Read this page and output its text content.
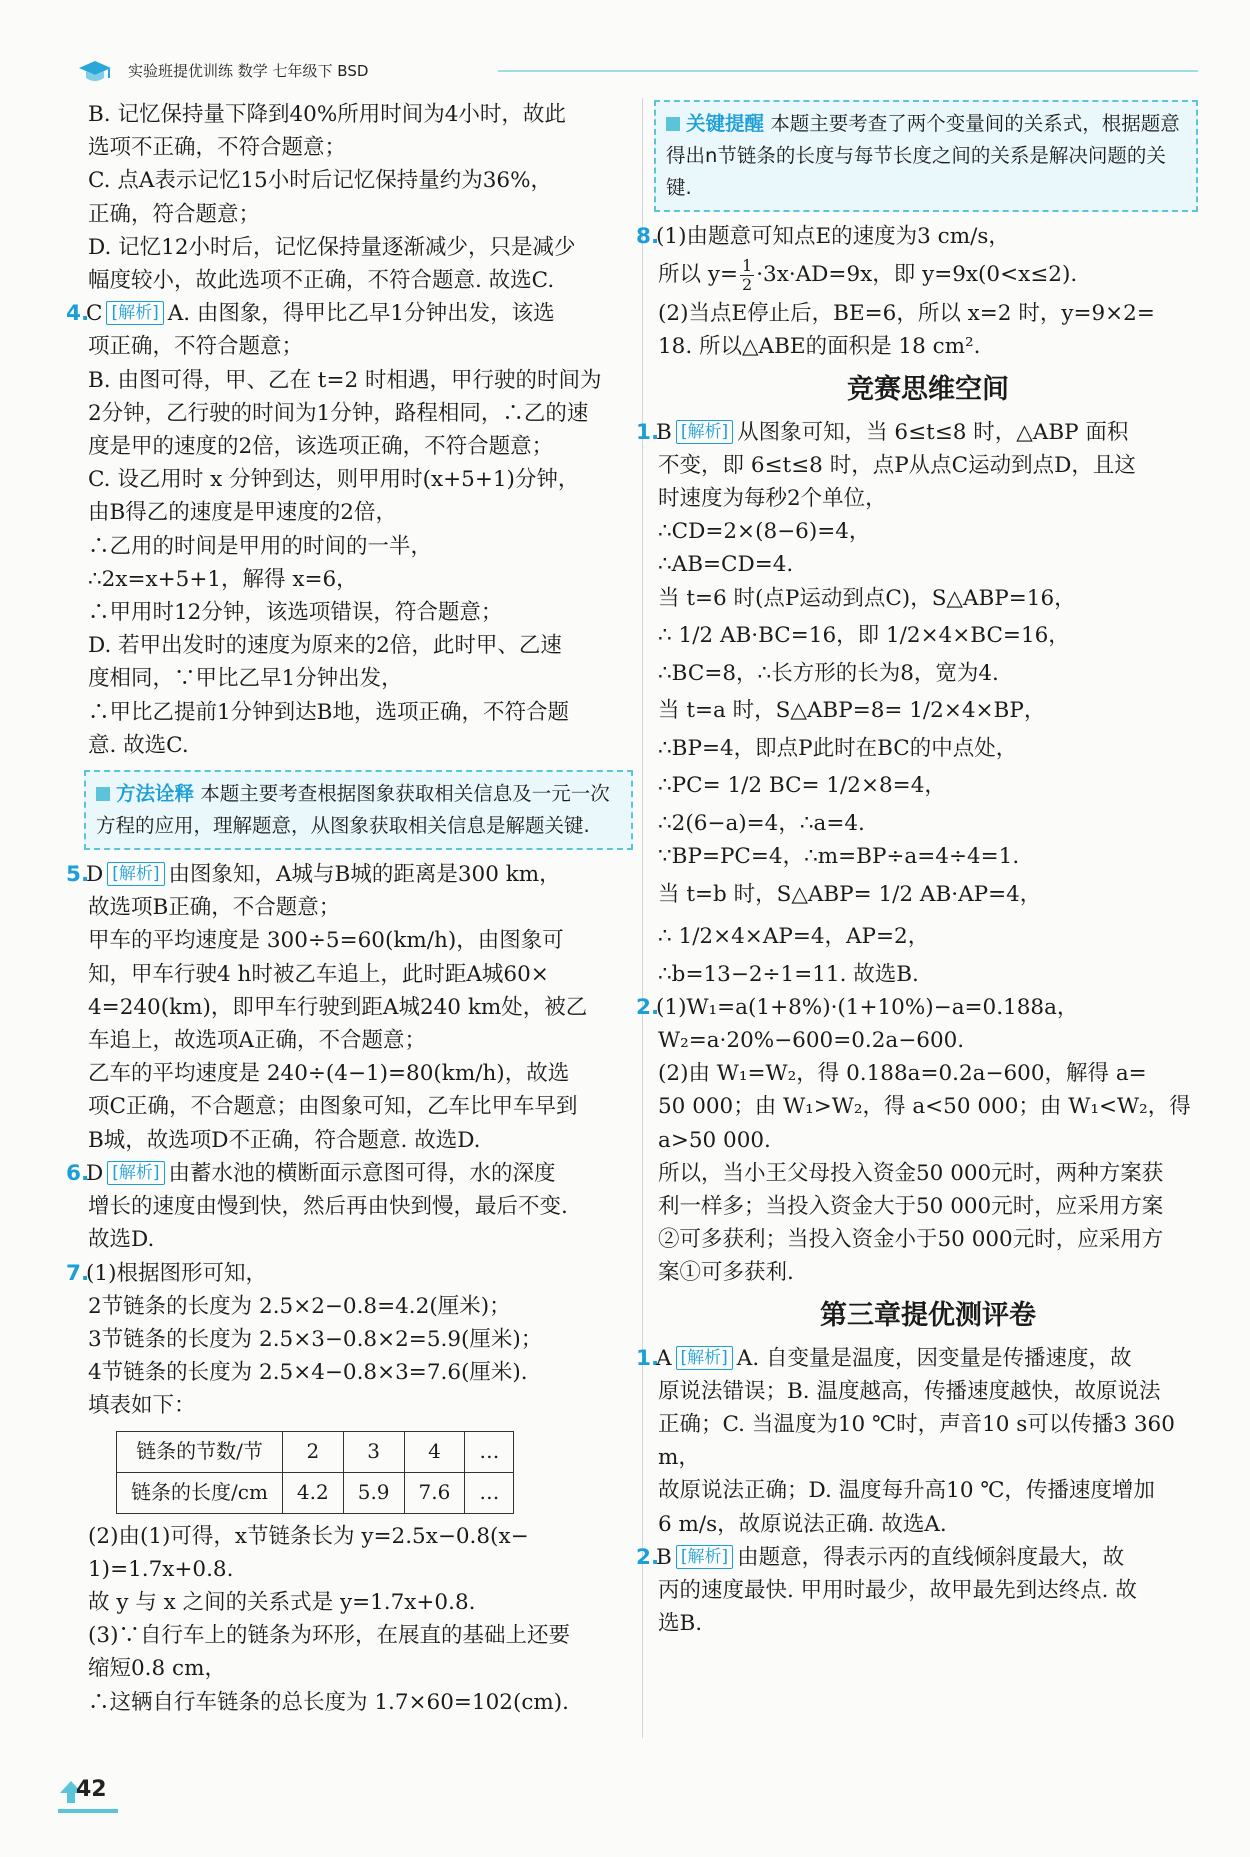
实验班提优训练 数学 七年级下 BSD

B. 记忆保持量下降到40%所用时间为4小时，故此

选项不正确，不符合题意；

C. 点A表示记忆15小时后记忆保持量约为36%，

正确，符合题意；

D. 记忆12小时后，记忆保持量逐渐减少，只是减少

幅度较小，故此选项不正确，不符合题意. 故选C.

4.C [解析] A. 由图象，得甲比乙早1分钟出发，该选

项正确，不符合题意；

B. 由图可得，甲、乙在 t=2 时相遇，甲行驶的时间为

2分钟，乙行驶的时间为1分钟，路程相同，∴乙的速

度是甲的速度的2倍，该选项正确，不符合题意；

C. 设乙用时 x 分钟到达，则甲用时(x+5+1)分钟，

由B得乙的速度是甲速度的2倍，

∴乙用的时间是甲用的时间的一半，

∴2x=x+5+1，解得 x=6，

∴甲用时12分钟，该选项错误，符合题意；

D. 若甲出发时的速度为原来的2倍，此时甲、乙速

度相同，∵甲比乙早1分钟出发，

∴甲比乙提前1分钟到达B地，选项正确，不符合题

意. 故选C.

方法诠释 本题主要考查根据图象获取相关信息及一元一次方程的应用，理解题意，从图象获取相关信息是解题关键.

5.D [解析] 由图象知，A城与B城的距离是300 km，

故选项B正确，不合题意；

甲车的平均速度是 300÷5=60(km/h)，由图象可

知，甲车行驶4 h时被乙车追上，此时距A城60×

4=240(km)，即甲车行驶到距A城240 km处，被乙

车追上，故选项A正确，不合题意；

乙车的平均速度是 240÷(4−1)=80(km/h)，故选

项C正确，不合题意；由图象可知，乙车比甲车早到

B城，故选项D不正确，符合题意. 故选D.

6.D [解析] 由蓄水池的横断面示意图可得，水的深度

增长的速度由慢到快，然后再由快到慢，最后不变.

故选D.

7.(1)根据图形可知，

2节链条的长度为 2.5×2−0.8=4.2(厘米)；

3节链条的长度为 2.5×3−0.8×2=5.9(厘米)；

4节链条的长度为 2.5×4−0.8×3=7.6(厘米).

填表如下：

链条的节数/节	2	3	4	…
链条的长度/cm	4.2	5.9	7.6	…

(2)由(1)可得，x节链条长为 y=2.5x−0.8(x−

1)=1.7x+0.8.

故 y 与 x 之间的关系式是 y=1.7x+0.8.

(3)∵自行车上的链条为环形，在展直的基础上还要

缩短0.8 cm，

∴这辆自行车链条的总长度为 1.7×60=102(cm).

关键提醒 本题主要考查了两个变量间的关系式，根据题意得出n节链条的长度与每节长度之间的关系是解决问题的关键.

8.(1)由题意可知点E的速度为3 cm/s，

所以 $y= \frac{1}{2} \cdot 3x\cdot AD=9x$，即 y=9x(0<x≤2).

(2)当点E停止后，BE=6，所以 x=2 时，y=9×2=

18. 所以△ABE的面积是 18 cm².

竞赛思维空间

1.B [解析] 从图象可知，当 6≤t≤8 时，△ABP 面积

不变，即 6≤t≤8 时，点P从点C运动到点D，且这

时速度为每秒2个单位，

∴CD=2×(8−6)=4，

∴AB=CD=4.

当 t=6 时(点P运动到点C)，S△ABP=16，

∴ 1/2 AB·BC=16，即 1/2×4×BC=16，

∴BC=8，∴长方形的长为8，宽为4.

当 t=a 时，S△ABP=8= 1/2×4×BP，

∴BP=4，即点P此时在BC的中点处，

∴PC= 1/2 BC= 1/2×8=4，

∴2(6−a)=4，∴a=4.

∵BP=PC=4，∴m=BP÷a=4÷4=1.

当 t=b 时，S△ABP= 1/2 AB·AP=4，

∴ 1/2×4×AP=4，AP=2，

∴b=13−2÷1=11. 故选B.

2.(1)W₁=a(1+8%)·(1+10%)−a=0.188a，

W₂=a·20%−600=0.2a−600.

(2)由 W₁=W₂，得 0.188a=0.2a−600，解得 a=

50 000；由 W₁>W₂，得 a<50 000；由 W₁<W₂，得

a>50 000.

所以，当小王父母投入资金50 000元时，两种方案获

利一样多；当投入资金大于50 000元时，应采用方案

②可多获利；当投入资金小于50 000元时，应采用方

案①可多获利.

第三章提优测评卷

1.A [解析] A. 自变量是温度，因变量是传播速度，故

原说法错误；B. 温度越高，传播速度越快，故原说法

正确；C. 当温度为10 ℃时，声音10 s可以传播3 360 m，

故原说法正确；D. 温度每升高10 ℃，传播速度增加

6 m/s，故原说法正确. 故选A.

2.B [解析] 由题意，得表示丙的直线倾斜度最大，故

丙的速度最快. 甲用时最少，故甲最先到达终点. 故

选B.

42
